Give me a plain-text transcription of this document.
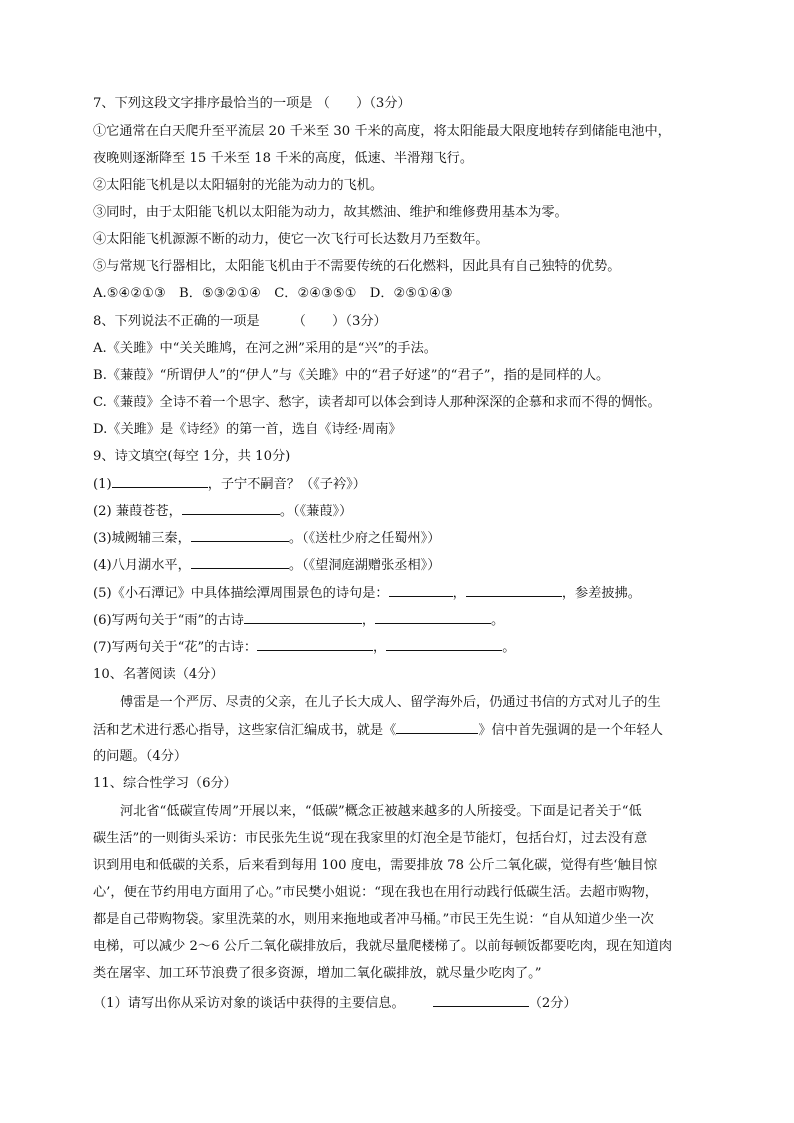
7、下列这段文字排序最恰当的一项是 （　　）（3分）
①它通常在白天爬升至平流层 20 千米至 30 千米的高度，将太阳能最大限度地转存到储能电池中，
夜晚则逐渐降至 15 千米至 18 千米的高度，低速、半滑翔飞行。
②太阳能飞机是以太阳辐射的光能为动力的飞机。
③同时，由于太阳能飞机以太阳能为动力，故其燃油、维护和维修费用基本为零。
④太阳能飞机源源不断的动力，使它一次飞行可长达数月乃至数年。
⑤与常规飞行器相比，太阳能飞机由于不需要传统的石化燃料，因此具有自己独特的优势。
A.⑤④②①③　B．⑤③②①④　C．②④③⑤①　D．②⑤①④③
8、下列说法不正确的一项是　　　（　　）（3分）
A.《关雎》中“关关雎鸠，在河之洲”采用的是“兴”的手法。
B.《蒹葭》“所谓伊人”的“伊人”与《关雎》中的“君子好逑”的“君子”，指的是同样的人。
C.《蒹葭》全诗不着一个思字、愁字，读者却可以体会到诗人那种深深的企慕和求而不得的惆怅。
D.《关雎》是《诗经》的第一首，选自《诗经·周南》
9、诗文填空(每空 1分，共 10分)
(1)	，子宁不嗣音？（《子衿》）
(2) 蒹葭苍苍，	。（《蒹葭》）
(3)城阙辅三秦，	。（《送杜少府之任蜀州》）
(4)八月湖水平，	。（《望洞庭湖赠张丞相》）
(5)《小石潭记》中具体描绘潭周围景色的诗句是：	，	，参差披拂。
(6)写两句关于“雨”的古诗	，	。
(7)写两句关于“花”的古诗：	，	。
10、名著阅读（4分）
傅雷是一个严厉、尽责的父亲，在儿子长大成人、留学海外后，仍通过书信的方式对儿子的生
活和艺术进行悉心指导，这些家信汇编成书，就是《	》信中首先强调的是一个年轻人
的问题。（4分）
11、综合性学习（6分）
河北省“低碳宣传周”开展以来，“低碳”概念正被越来越多的人所接受。下面是记者关于“低
碳生活”的一则街头采访：市民张先生说“现在我家里的灯泡全是节能灯，包括台灯，过去没有意
识到用电和低碳的关系，后来看到每用 100 度电，需要排放 78 公斤二氧化碳，觉得有些‘触目惊
心’，便在节约用电方面用了心。”市民樊小姐说：“现在我也在用行动践行低碳生活。去超市购物，
都是自己带购物袋。家里洗菜的水，则用来拖地或者冲马桶。”市民王先生说：“自从知道少坐一次
电梯，可以减少 2～6 公斤二氧化碳排放后，我就尽量爬楼梯了。以前每顿饭都要吃肉，现在知道肉
类在屠宰、加工环节浪费了很多资源，增加二氧化碳排放，就尽量少吃肉了。”
（1）请写出你从采访对象的谈话中获得的主要信息。	（2分）
